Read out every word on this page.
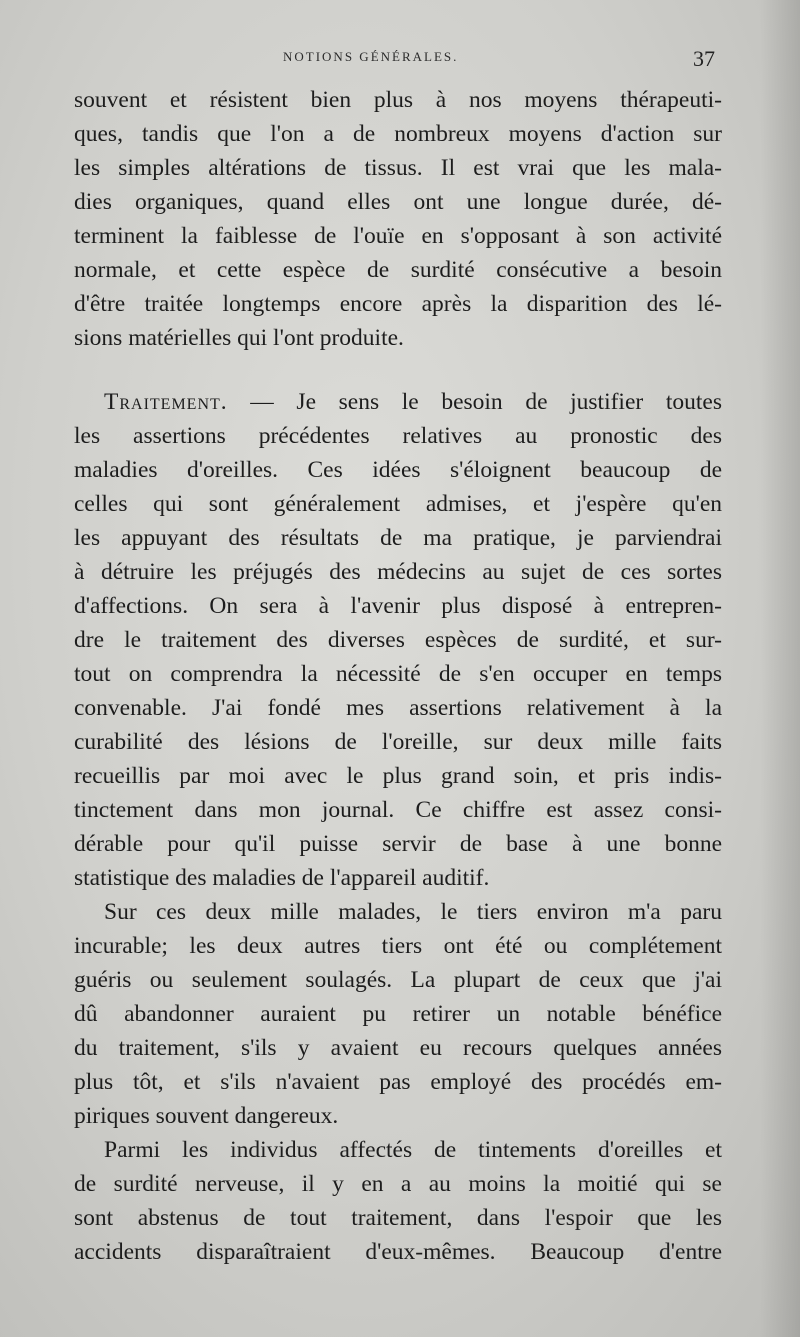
NOTIONS GÉNÉRALES.	37
souvent et résistent bien plus à nos moyens thérapeuti-
ques, tandis que l'on a de nombreux moyens d'action sur
les simples altérations de tissus. Il est vrai que les mala-
dies organiques, quand elles ont une longue durée, dé-
terminent la faiblesse de l'ouïe en s'opposant à son activité
normale, et cette espèce de surdité consécutive a besoin
d'être traitée longtemps encore après la disparition des lé-
sions matérielles qui l'ont produite.
Traitement. — Je sens le besoin de justifier toutes
les assertions précédentes relatives au pronostic des
maladies d'oreilles. Ces idées s'éloignent beaucoup de
celles qui sont généralement admises, et j'espère qu'en
les appuyant des résultats de ma pratique, je parviendrai
à détruire les préjugés des médecins au sujet de ces sortes
d'affections. On sera à l'avenir plus disposé à entrepren-
dre le traitement des diverses espèces de surdité, et sur-
tout on comprendra la nécessité de s'en occuper en temps
convenable. J'ai fondé mes assertions relativement à la
curabilité des lésions de l'oreille, sur deux mille faits
recueillis par moi avec le plus grand soin, et pris indis-
tinctement dans mon journal. Ce chiffre est assez consi-
dérable pour qu'il puisse servir de base à une bonne
statistique des maladies de l'appareil auditif.
Sur ces deux mille malades, le tiers environ m'a paru
incurable; les deux autres tiers ont été ou complétement
guéris ou seulement soulagés. La plupart de ceux que j'ai
dû abandonner auraient pu retirer un notable bénéfice
du traitement, s'ils y avaient eu recours quelques années
plus tôt, et s'ils n'avaient pas employé des procédés em-
piriques souvent dangereux.
Parmi les individus affectés de tintements d'oreilles et
de surdité nerveuse, il y en a au moins la moitié qui se
sont abstenus de tout traitement, dans l'espoir que les
accidents disparaîtraient d'eux-mêmes. Beaucoup d'entre
